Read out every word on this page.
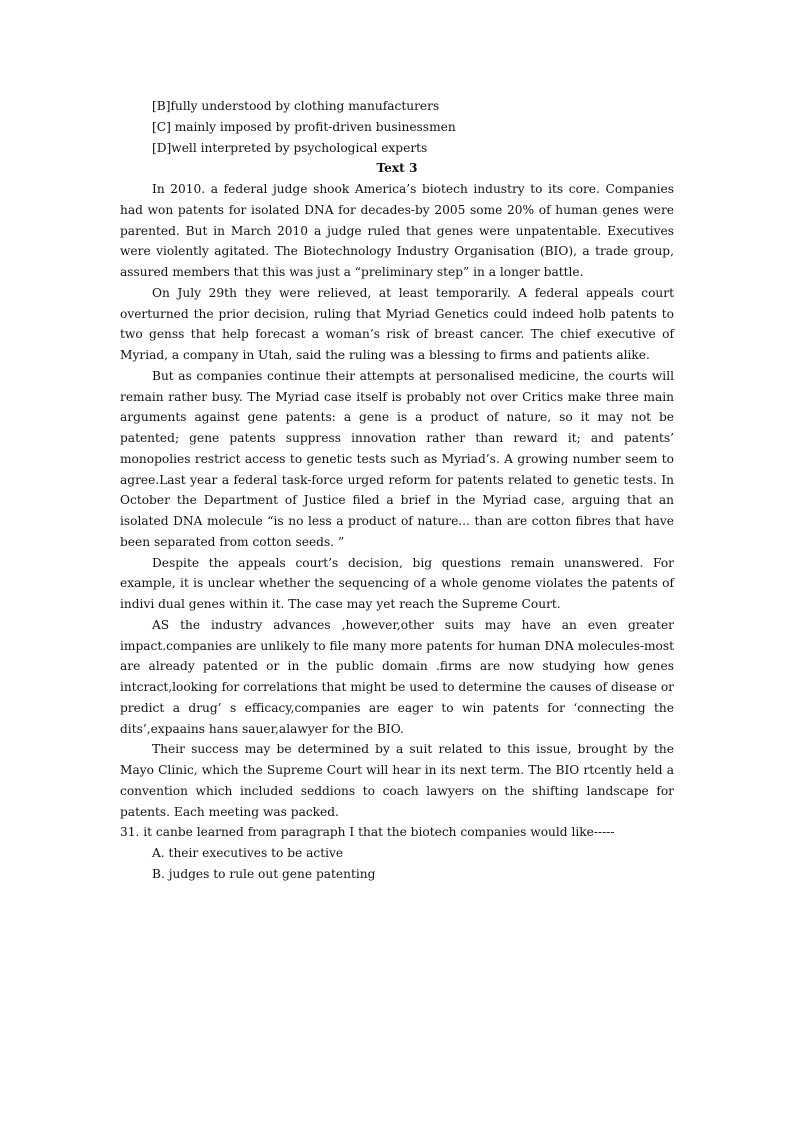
[B]fully understood by clothing manufacturers
[C] mainly imposed by profit-driven businessmen
[D]well interpreted by psychological experts
Text 3

In 2010. a federal judge shook America’s biotech industry to its core. Companies had won patents for isolated DNA for decades-by 2005 some 20% of human genes were parented. But in March 2010 a judge ruled that genes were unpatentable. Executives were violently agitated. The Biotechnology Industry Organisation (BIO), a trade group, assured members that this was just a “preliminary step” in a longer battle.

On July 29th they were relieved, at least temporarily. A federal appeals court overturned the prior decision, ruling that Myriad Genetics could indeed holb patents to two genss that help forecast a woman’s risk of breast cancer. The chief executive of Myriad, a company in Utah, said the ruling was a blessing to firms and patients alike.

But as companies continue their attempts at personalised medicine, the courts will remain rather busy. The Myriad case itself is probably not over Critics make three main arguments against gene patents: a gene is a product of nature, so it may not be patented; gene patents suppress innovation rather than reward it; and patents’ monopolies restrict access to genetic tests such as Myriad’s. A growing number seem to agree.Last year a federal task-force urged reform for patents related to genetic tests. In October the Department of Justice filed a brief in the Myriad case, arguing that an isolated DNA molecule “is no less a product of nature... than are cotton fibres that have been separated from cotton seeds. ”

Despite the appeals court’s decision, big questions remain unanswered. For example, it is unclear whether the sequencing of a whole genome violates the patents of indivi dual genes within it. The case may yet reach the Supreme Court.

AS the industry advances ,however,other suits may have an even greater impact.companies are unlikely to file many more patents for human DNA molecules-most are already patented or in the public domain .firms are now studying how genes intcract,looking for correlations that might be used to determine the causes of disease or predict a drug’ s efficacy,companies are eager to win patents for ‘connecting the dits’,expaains hans sauer,alawyer for the BIO.

Their success may be determined by a suit related to this issue, brought by the Mayo Clinic, which the Supreme Court will hear in its next term. The BIO rtcently held a convention which included seddions to coach lawyers on the shifting landscape for patents. Each meeting was packed.

31. it canbe learned from paragraph I that the biotech companies would like-----

A. their executives to be active
B. judges to rule out gene patenting
